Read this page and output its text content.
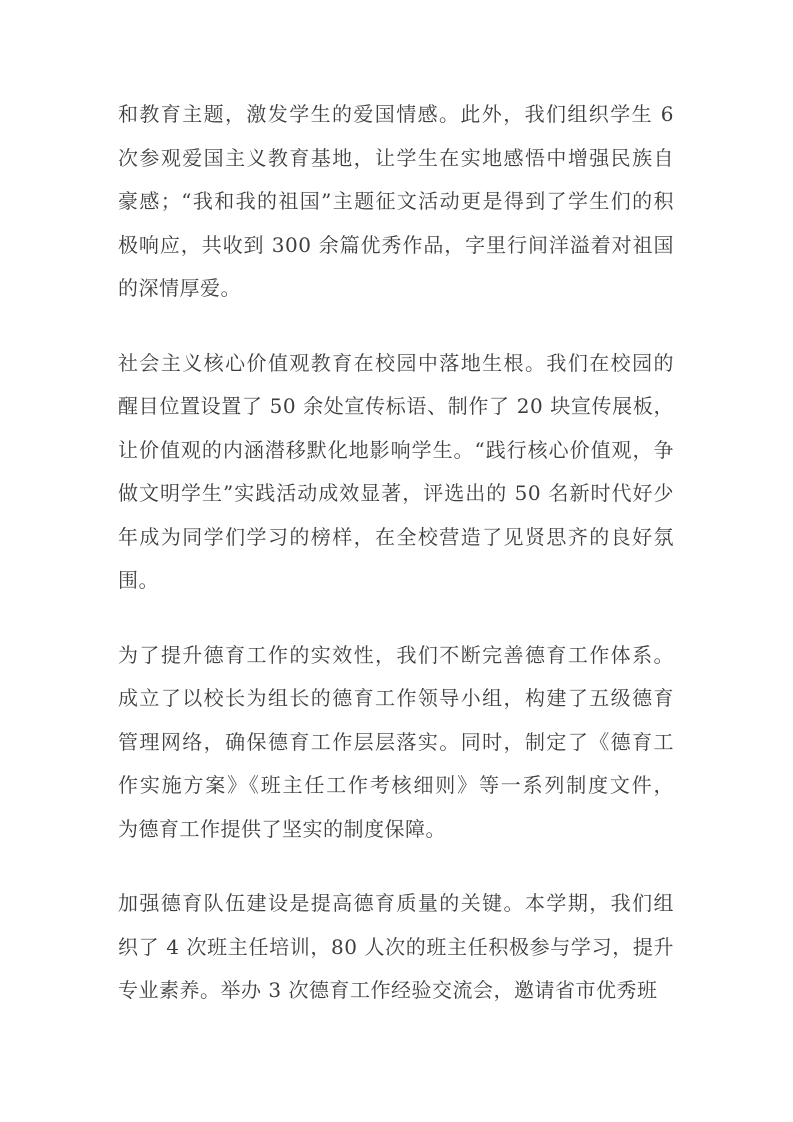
和教育主题，激发学生的爱国情感。此外，我们组织学生 6
次参观爱国主义教育基地，让学生在实地感悟中增强民族自
豪感；“我和我的祖国”主题征文活动更是得到了学生们的积
极响应，共收到 300 余篇优秀作品，字里行间洋溢着对祖国
的深情厚爱。
社会主义核心价值观教育在校园中落地生根。我们在校园的
醒目位置设置了 50 余处宣传标语、制作了 20 块宣传展板，
让价值观的内涵潜移默化地影响学生。“践行核心价值观，争
做文明学生”实践活动成效显著，评选出的 50 名新时代好少
年成为同学们学习的榜样，在全校营造了见贤思齐的良好氛
围。
为了提升德育工作的实效性，我们不断完善德育工作体系。
成立了以校长为组长的德育工作领导小组，构建了五级德育
管理网络，确保德育工作层层落实。同时，制定了《德育工
作实施方案》《班主任工作考核细则》等一系列制度文件，
为德育工作提供了坚实的制度保障。
加强德育队伍建设是提高德育质量的关键。本学期，我们组
织了 4 次班主任培训，80 人次的班主任积极参与学习，提升
专业素养。举办 3 次德育工作经验交流会，邀请省市优秀班
